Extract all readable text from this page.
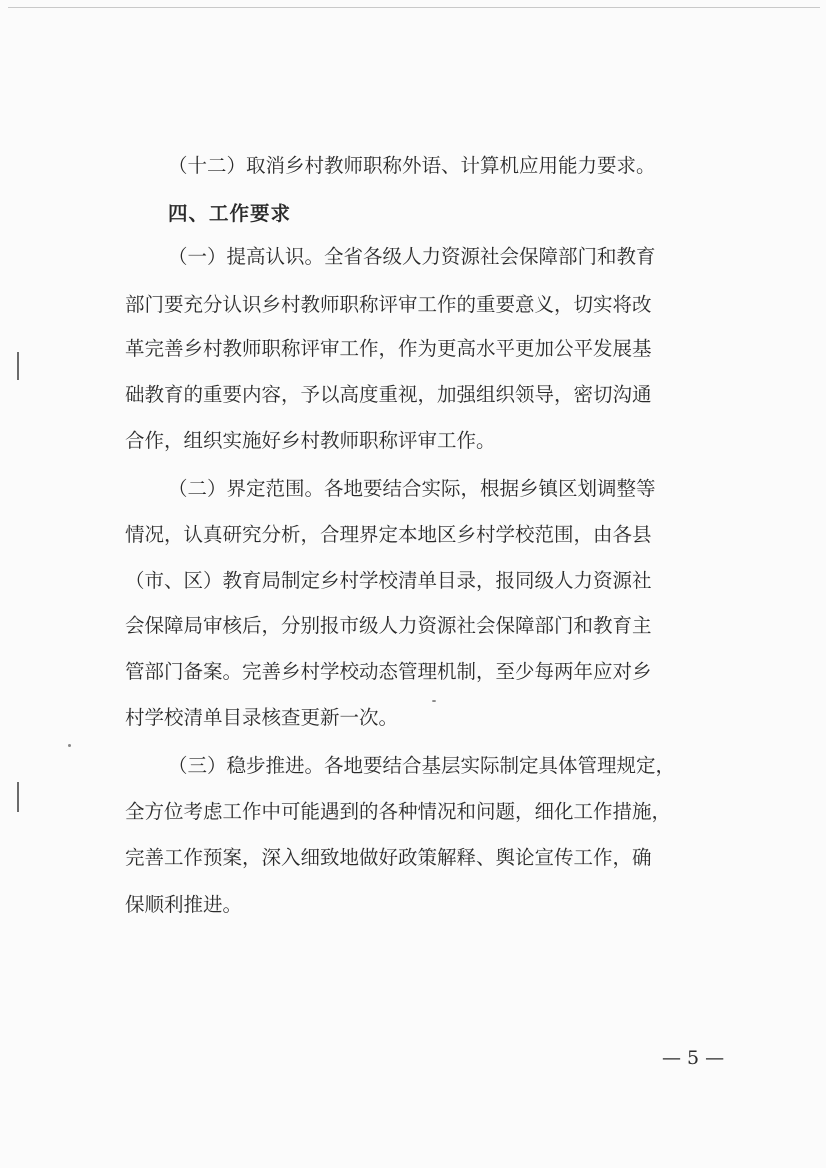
（十二）取消乡村教师职称外语、计算机应用能力要求。
四、工作要求
（一）提高认识。全省各级人力资源社会保障部门和教育
部门要充分认识乡村教师职称评审工作的重要意义，切实将改
革完善乡村教师职称评审工作，作为更高水平更加公平发展基
础教育的重要内容，予以高度重视，加强组织领导，密切沟通
合作，组织实施好乡村教师职称评审工作。
（二）界定范围。各地要结合实际，根据乡镇区划调整等
情况，认真研究分析，合理界定本地区乡村学校范围，由各县
（市、区）教育局制定乡村学校清单目录，报同级人力资源社
会保障局审核后，分别报市级人力资源社会保障部门和教育主
管部门备案。完善乡村学校动态管理机制，至少每两年应对乡
村学校清单目录核查更新一次。
（三）稳步推进。各地要结合基层实际制定具体管理规定，
全方位考虑工作中可能遇到的各种情况和问题，细化工作措施，
完善工作预案，深入细致地做好政策解释、舆论宣传工作，确
保顺利推进。
— 5 —
